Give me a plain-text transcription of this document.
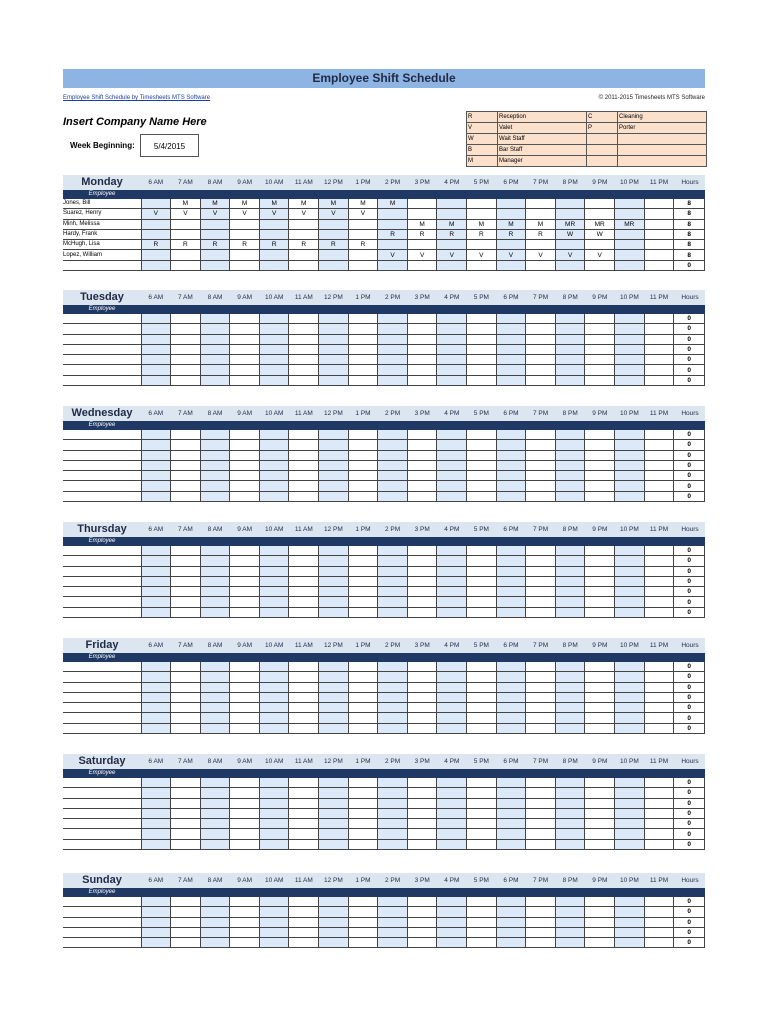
Employee Shift Schedule
Employee Shift Schedule by Timesheets MTS Software	© 2011-2015 Timesheets MTS Software
Insert Company Name Here
Week Beginning:	5/4/2015
R	Reception	C	Cleaning
V	Valet	P	Porter
W	Wait Staff		
B	Bar Staff		
M	Manager		
Monday	6 AM	7 AM	8 AM	9 AM	10 AM	11 AM	12 PM	1 PM	2 PM	3 PM	4 PM	5 PM	6 PM	7 PM	8 PM	9 PM	10 PM	11 PM	Hours
Employee
Jones, Bill		M	M	M	M	M	M	M	M										8
Suarez, Henry	V	V	V	V	V	V	V	V											8
Minh, Melissa										M	M	M	M	M	MR	MR	MR		8
Hardy, Frank									R	R	R	R	R	R	W	W			8
McHugh, Lisa	R	R	R	R	R	R	R	R											8
Lopez, William									V	V	V	V	V	V	V	V			8
																			0
Tuesday	6 AM	7 AM	8 AM	9 AM	10 AM	11 AM	12 PM	1 PM	2 PM	3 PM	4 PM	5 PM	6 PM	7 PM	8 PM	9 PM	10 PM	11 PM	Hours
Employee
																			0
																			0
																			0
																			0
																			0
																			0
																			0
Wednesday	6 AM	7 AM	8 AM	9 AM	10 AM	11 AM	12 PM	1 PM	2 PM	3 PM	4 PM	5 PM	6 PM	7 PM	8 PM	9 PM	10 PM	11 PM	Hours
Employee
																			0
																			0
																			0
																			0
																			0
																			0
																			0
Thursday	6 AM	7 AM	8 AM	9 AM	10 AM	11 AM	12 PM	1 PM	2 PM	3 PM	4 PM	5 PM	6 PM	7 PM	8 PM	9 PM	10 PM	11 PM	Hours
Employee
																			0
																			0
																			0
																			0
																			0
																			0
																			0
Friday	6 AM	7 AM	8 AM	9 AM	10 AM	11 AM	12 PM	1 PM	2 PM	3 PM	4 PM	5 PM	6 PM	7 PM	8 PM	9 PM	10 PM	11 PM	Hours
Employee
																			0
																			0
																			0
																			0
																			0
																			0
																			0
Saturday	6 AM	7 AM	8 AM	9 AM	10 AM	11 AM	12 PM	1 PM	2 PM	3 PM	4 PM	5 PM	6 PM	7 PM	8 PM	9 PM	10 PM	11 PM	Hours
Employee
																			0
																			0
																			0
																			0
																			0
																			0
																			0
Sunday	6 AM	7 AM	8 AM	9 AM	10 AM	11 AM	12 PM	1 PM	2 PM	3 PM	4 PM	5 PM	6 PM	7 PM	8 PM	9 PM	10 PM	11 PM	Hours
Employee
																			0
																			0
																			0
																			0
																			0
